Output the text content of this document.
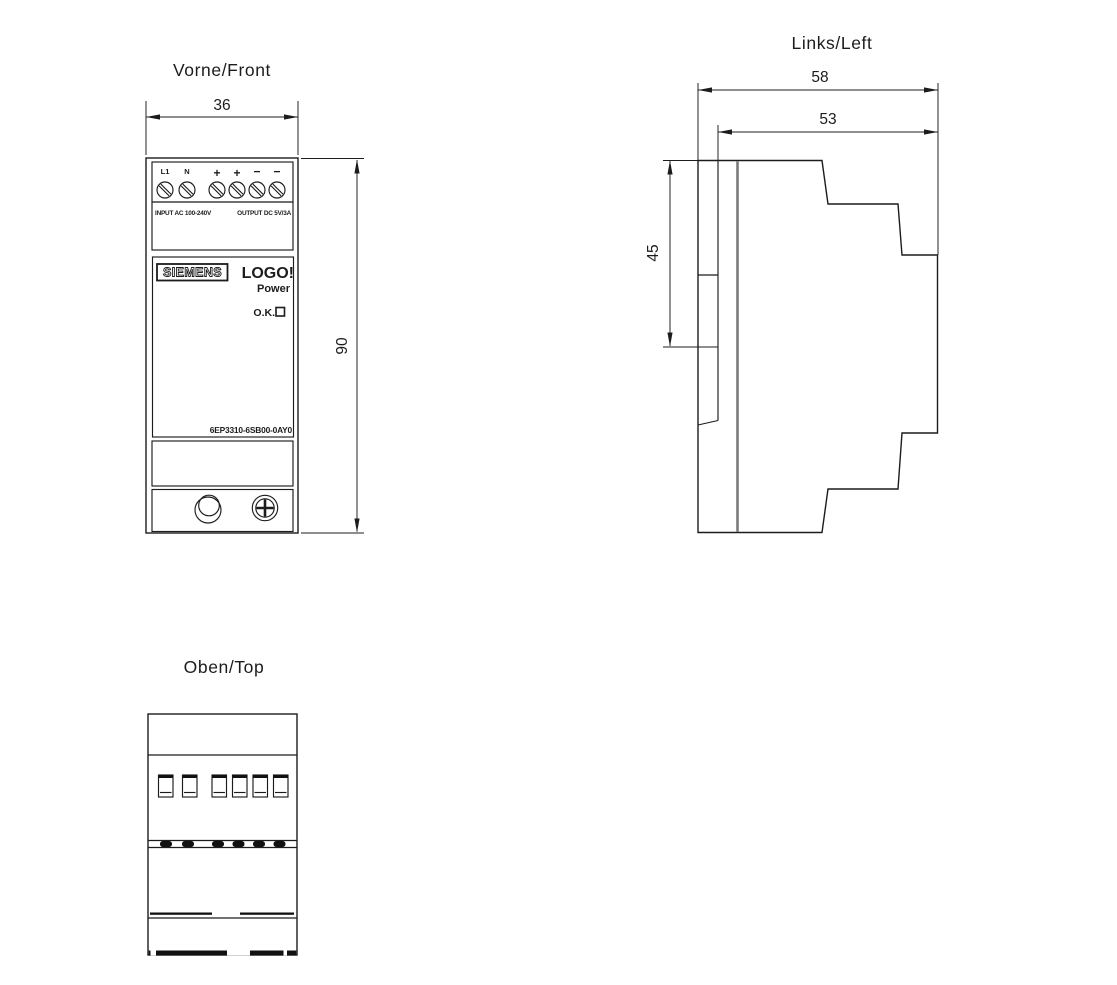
Vorne/Front
36
90
L1 N + + − −
INPUT AC 100-240V	OUTPUT DC 5V/3A
SIEMENS LOGO!
Power
O.K.
6EP3310-6SB00-0AY0
Links/Left
58
53
45
Oben/Top
